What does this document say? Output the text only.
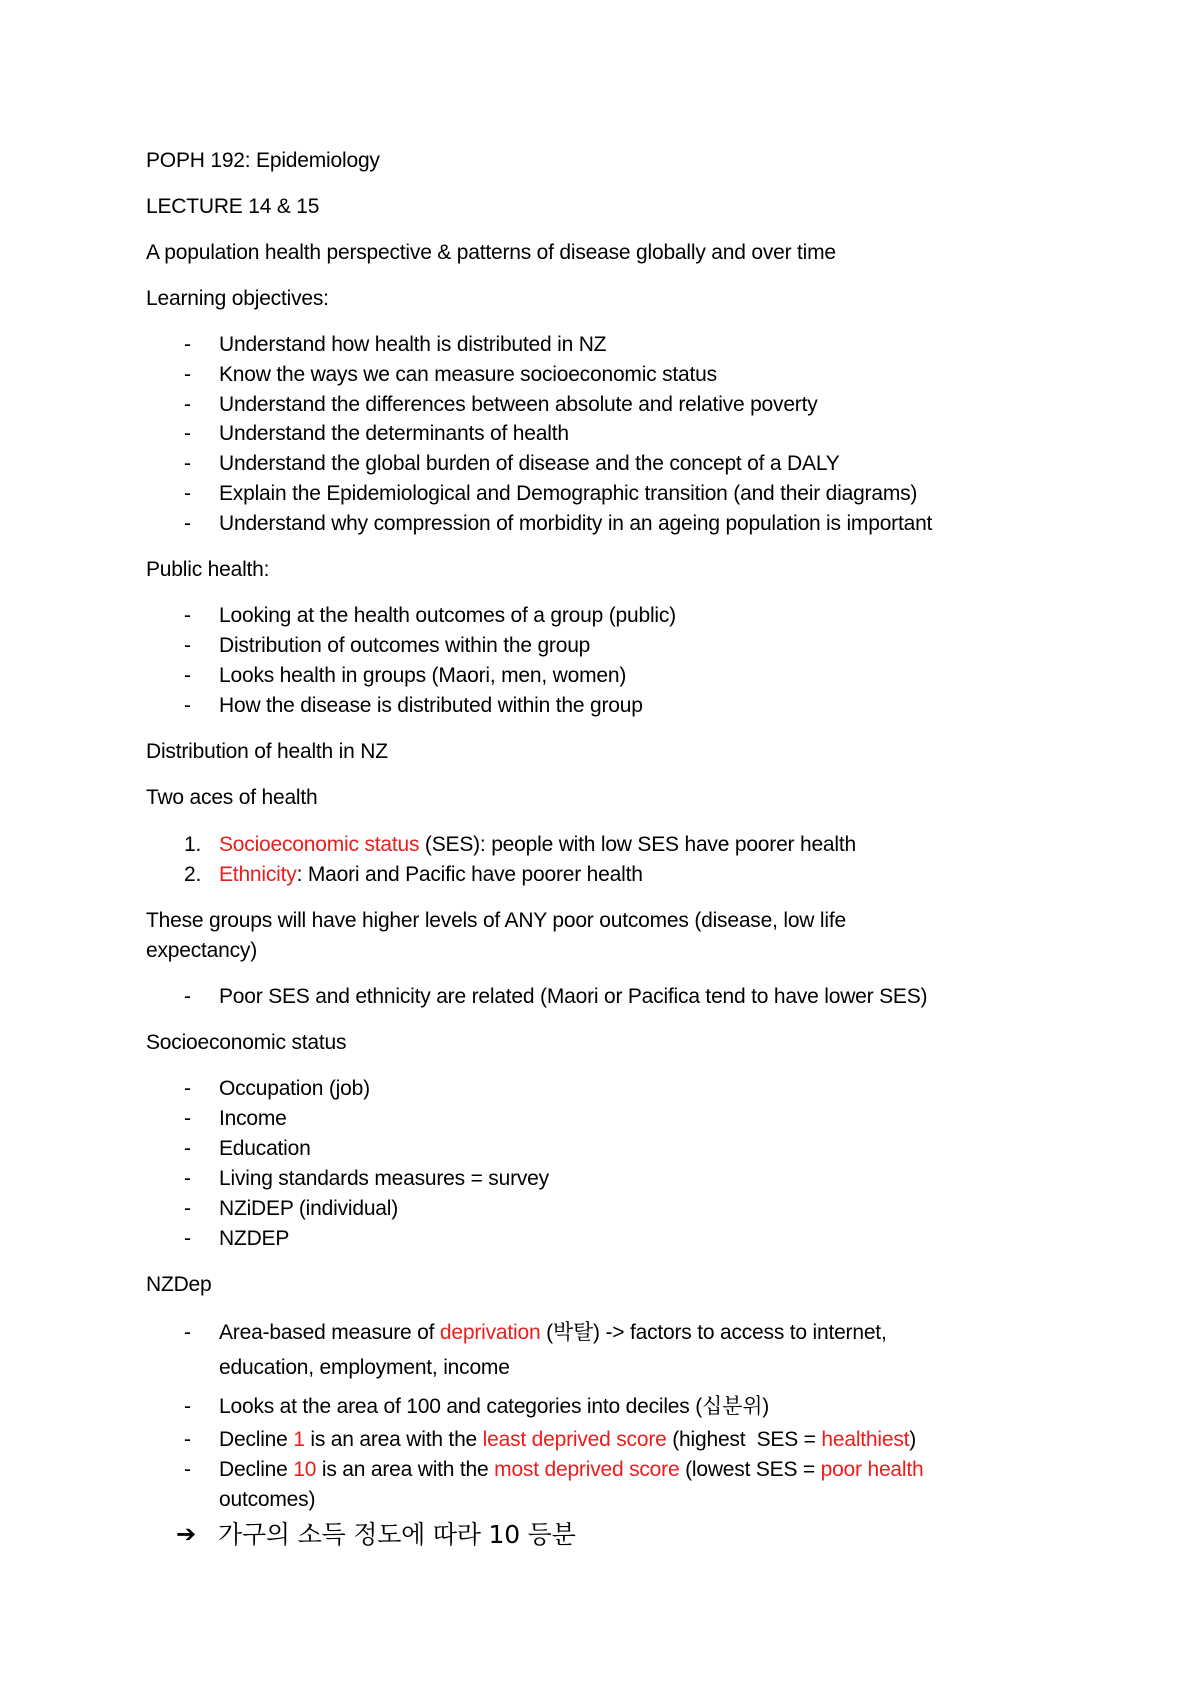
POPH 192: Epidemiology

LECTURE 14 & 15

A population health perspective & patterns of disease globally and over time

Learning objectives:

- Understand how health is distributed in NZ
- Know the ways we can measure socioeconomic status
- Understand the differences between absolute and relative poverty
- Understand the determinants of health
- Understand the global burden of disease and the concept of a DALY
- Explain the Epidemiological and Demographic transition (and their diagrams)
- Understand why compression of morbidity in an ageing population is important

Public health:

- Looking at the health outcomes of a group (public)
- Distribution of outcomes within the group
- Looks health in groups (Maori, men, women)
- How the disease is distributed within the group

Distribution of health in NZ

Two aces of health

1. Socioeconomic status (SES): people with low SES have poorer health
2. Ethnicity: Maori and Pacific have poorer health

These groups will have higher levels of ANY poor outcomes (disease, low life

expectancy)

- Poor SES and ethnicity are related (Maori or Pacifica tend to have lower SES)

Socioeconomic status

- Occupation (job)
- Income
- Education
- Living standards measures = survey
- NZiDEP (individual)
- NZDEP

NZDep

- Area-based measure of deprivation (박탈) -> factors to access to internet,
education, employment, income
- Looks at the area of 100 and categories into deciles (십분위)
- Decline 1 is an area with the least deprived score (highest  SES = healthiest)
- Decline 10 is an area with the most deprived score (lowest SES = poor health
outcomes)
➔ 가구의 소득 정도에 따라 10 등분
